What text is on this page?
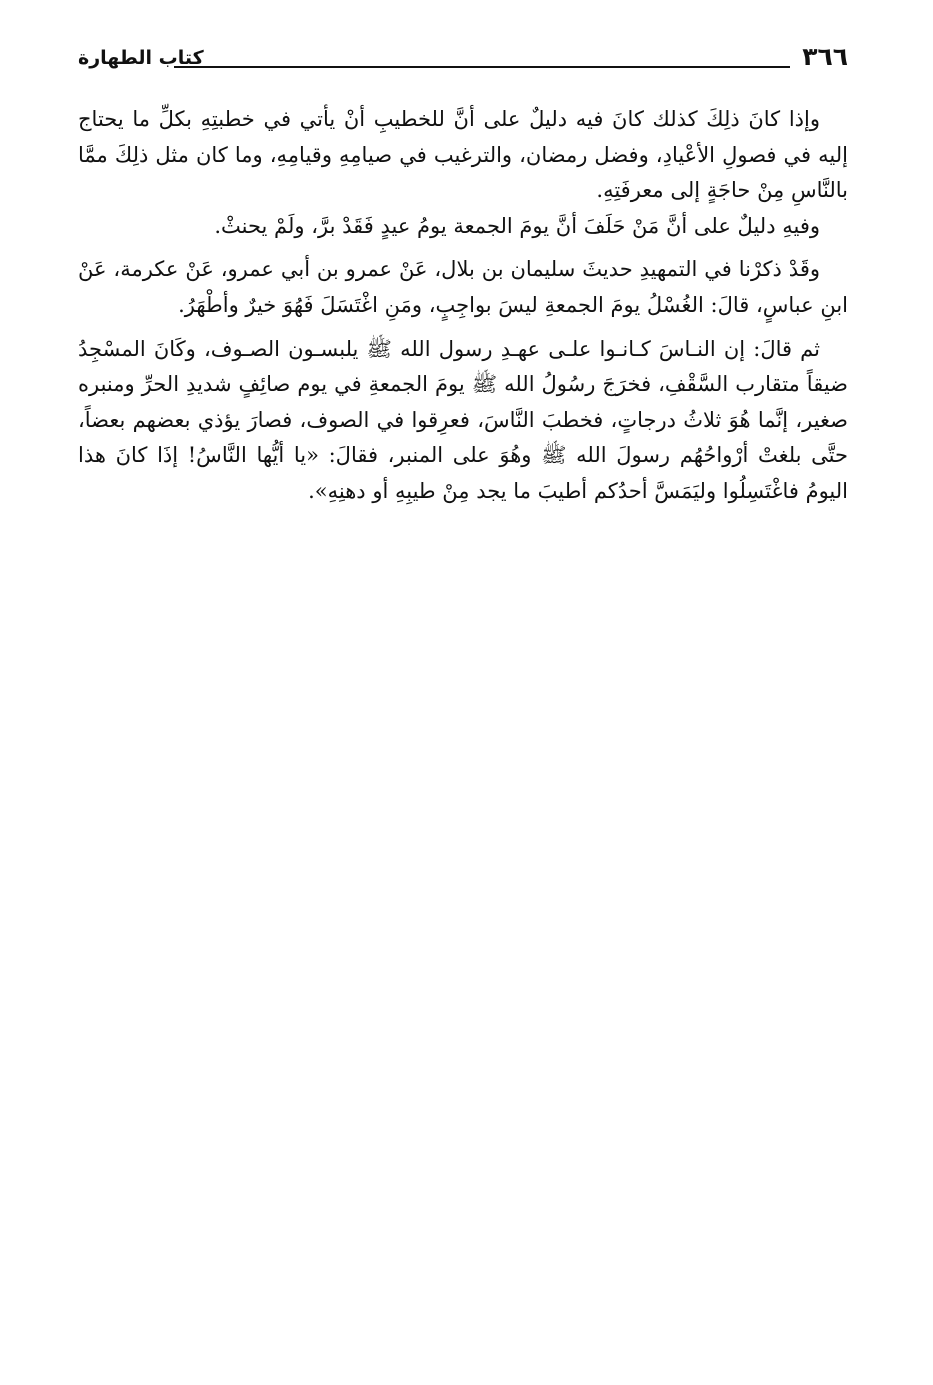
٣٦٦
كتاب الطهارة

وإذا كانَ ذلِكَ كذلك كانَ فيه دليلٌ على أنَّ للخطيبِ أنْ يأتي في خطبتِهِ بكلِّ ما يحتاج إليه في فصولِ الأعْيادِ، وفضل رمضان، والترغيب في صيامِهِ وقيامِهِ، وما كان مثل ذلِكَ ممَّا بالنَّاسِ مِنْ حاجَةٍ إلى معرفَتِهِ.

وفيهِ دليلٌ على أنَّ مَنْ حَلَفَ أنَّ يومَ الجمعة يومُ عيدٍ فَقَدْ برَّ، ولَمْ يحنثْ.

وقَدْ ذكرْنا في التمهيدِ حديثَ سليمان بن بلال، عَنْ عمرو بن أبي عمرو، عَنْ عكرمة، عَنْ ابنِ عباسٍ، قالَ: الغُسْلُ يومَ الجمعةِ ليسَ بواجِبٍ، ومَنِ اغْتَسَلَ فَهُوَ خيرٌ وأطْهَرُ.

ثم قالَ: إن النـاسَ كـانـوا علـى عهـدِ رسول الله ﷺ يلبسـون الصـوف، وكَانَ المسْجِدُ ضيقاً متقارب السَّقْفِ، فخرَجَ رسُولُ الله ﷺ يومَ الجمعةِ في يوم صائِفٍ شديدِ الحرِّ ومنبره صغير، إنَّما هُوَ ثلاثُ درجاتٍ، فخطبَ النَّاسَ، فعرِقوا في الصوف، فصارَ يؤذي بعضهم بعضاً، حتَّى بلغتْ أرْواحُهُم رسولَ الله ﷺ وهُوَ على المنبر، فقالَ: «يا أيُّها النَّاسُ! إذَا كانَ هذا اليومُ فاغْتَسِلُوا وليَمَسَّ أحدُكم أطيبَ ما يجد مِنْ طيبِهِ أو دهنِهِ».
